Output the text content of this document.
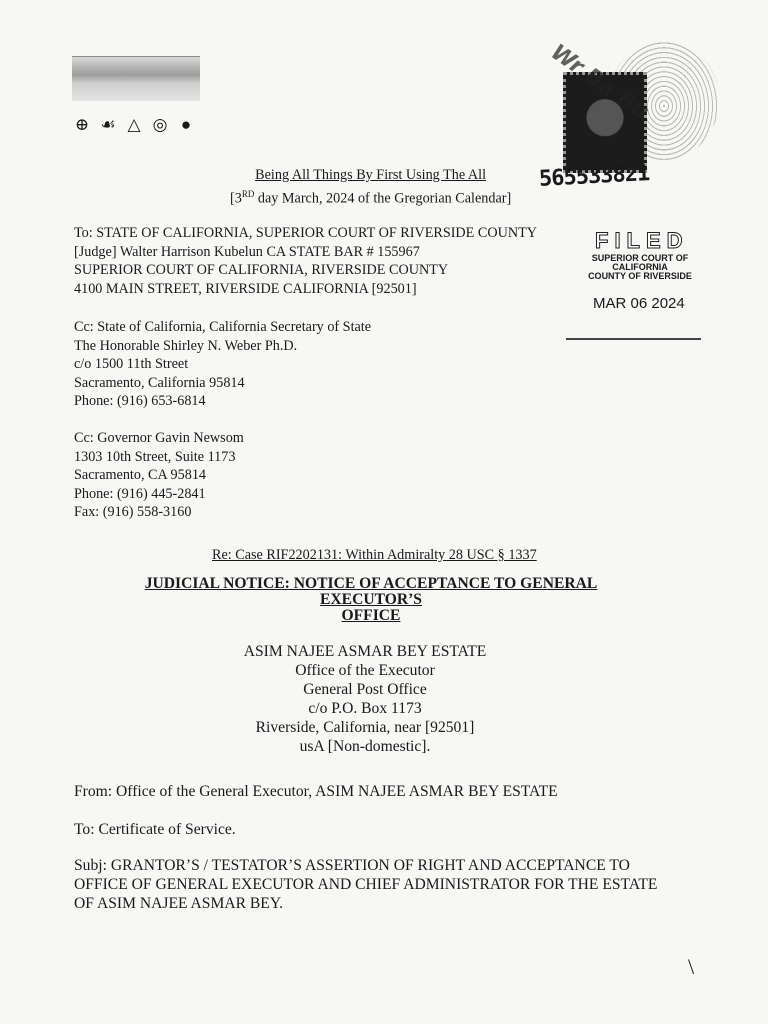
⊕ ☙ △ ◎ ●	Wr Ba Bu
565533821
FILED
SUPERIOR COURT OF CALIFORNIA
COUNTY OF RIVERSIDE
MAR 06 2024
Being All Things By First Using The All
[3RD day March, 2024 of the Gregorian Calendar]
To: STATE OF CALIFORNIA, SUPERIOR COURT OF RIVERSIDE COUNTY
[Judge] Walter Harrison Kubelun CA STATE BAR # 155967
SUPERIOR COURT OF CALIFORNIA, RIVERSIDE COUNTY
4100 MAIN STREET, RIVERSIDE CALIFORNIA [92501]
Cc: State of California, California Secretary of State
The Honorable Shirley N. Weber Ph.D.
c/o 1500 11th Street
Sacramento, California 95814
Phone: (916) 653-6814
Cc: Governor Gavin Newsom
1303 10th Street, Suite 1173
Sacramento, CA 95814
Phone: (916) 445-2841
Fax: (916) 558-3160
Re: Case RIF2202131: Within Admiralty 28 USC § 1337
JUDICIAL NOTICE: NOTICE OF ACCEPTANCE TO GENERAL EXECUTOR’S
OFFICE
ASIM NAJEE ASMAR BEY ESTATE
Office of the Executor
General Post Office
c/o P.O. Box 1173
Riverside, California, near [92501]
usA [Non-domestic].
From: Office of the General Executor, ASIM NAJEE ASMAR BEY ESTATE
To: Certificate of Service.
Subj: GRANTOR’S / TESTATOR’S ASSERTION OF RIGHT AND ACCEPTANCE TO
OFFICE OF GENERAL EXECUTOR AND CHIEF ADMINISTRATOR FOR THE ESTATE
OF ASIM NAJEE ASMAR BEY.
\
